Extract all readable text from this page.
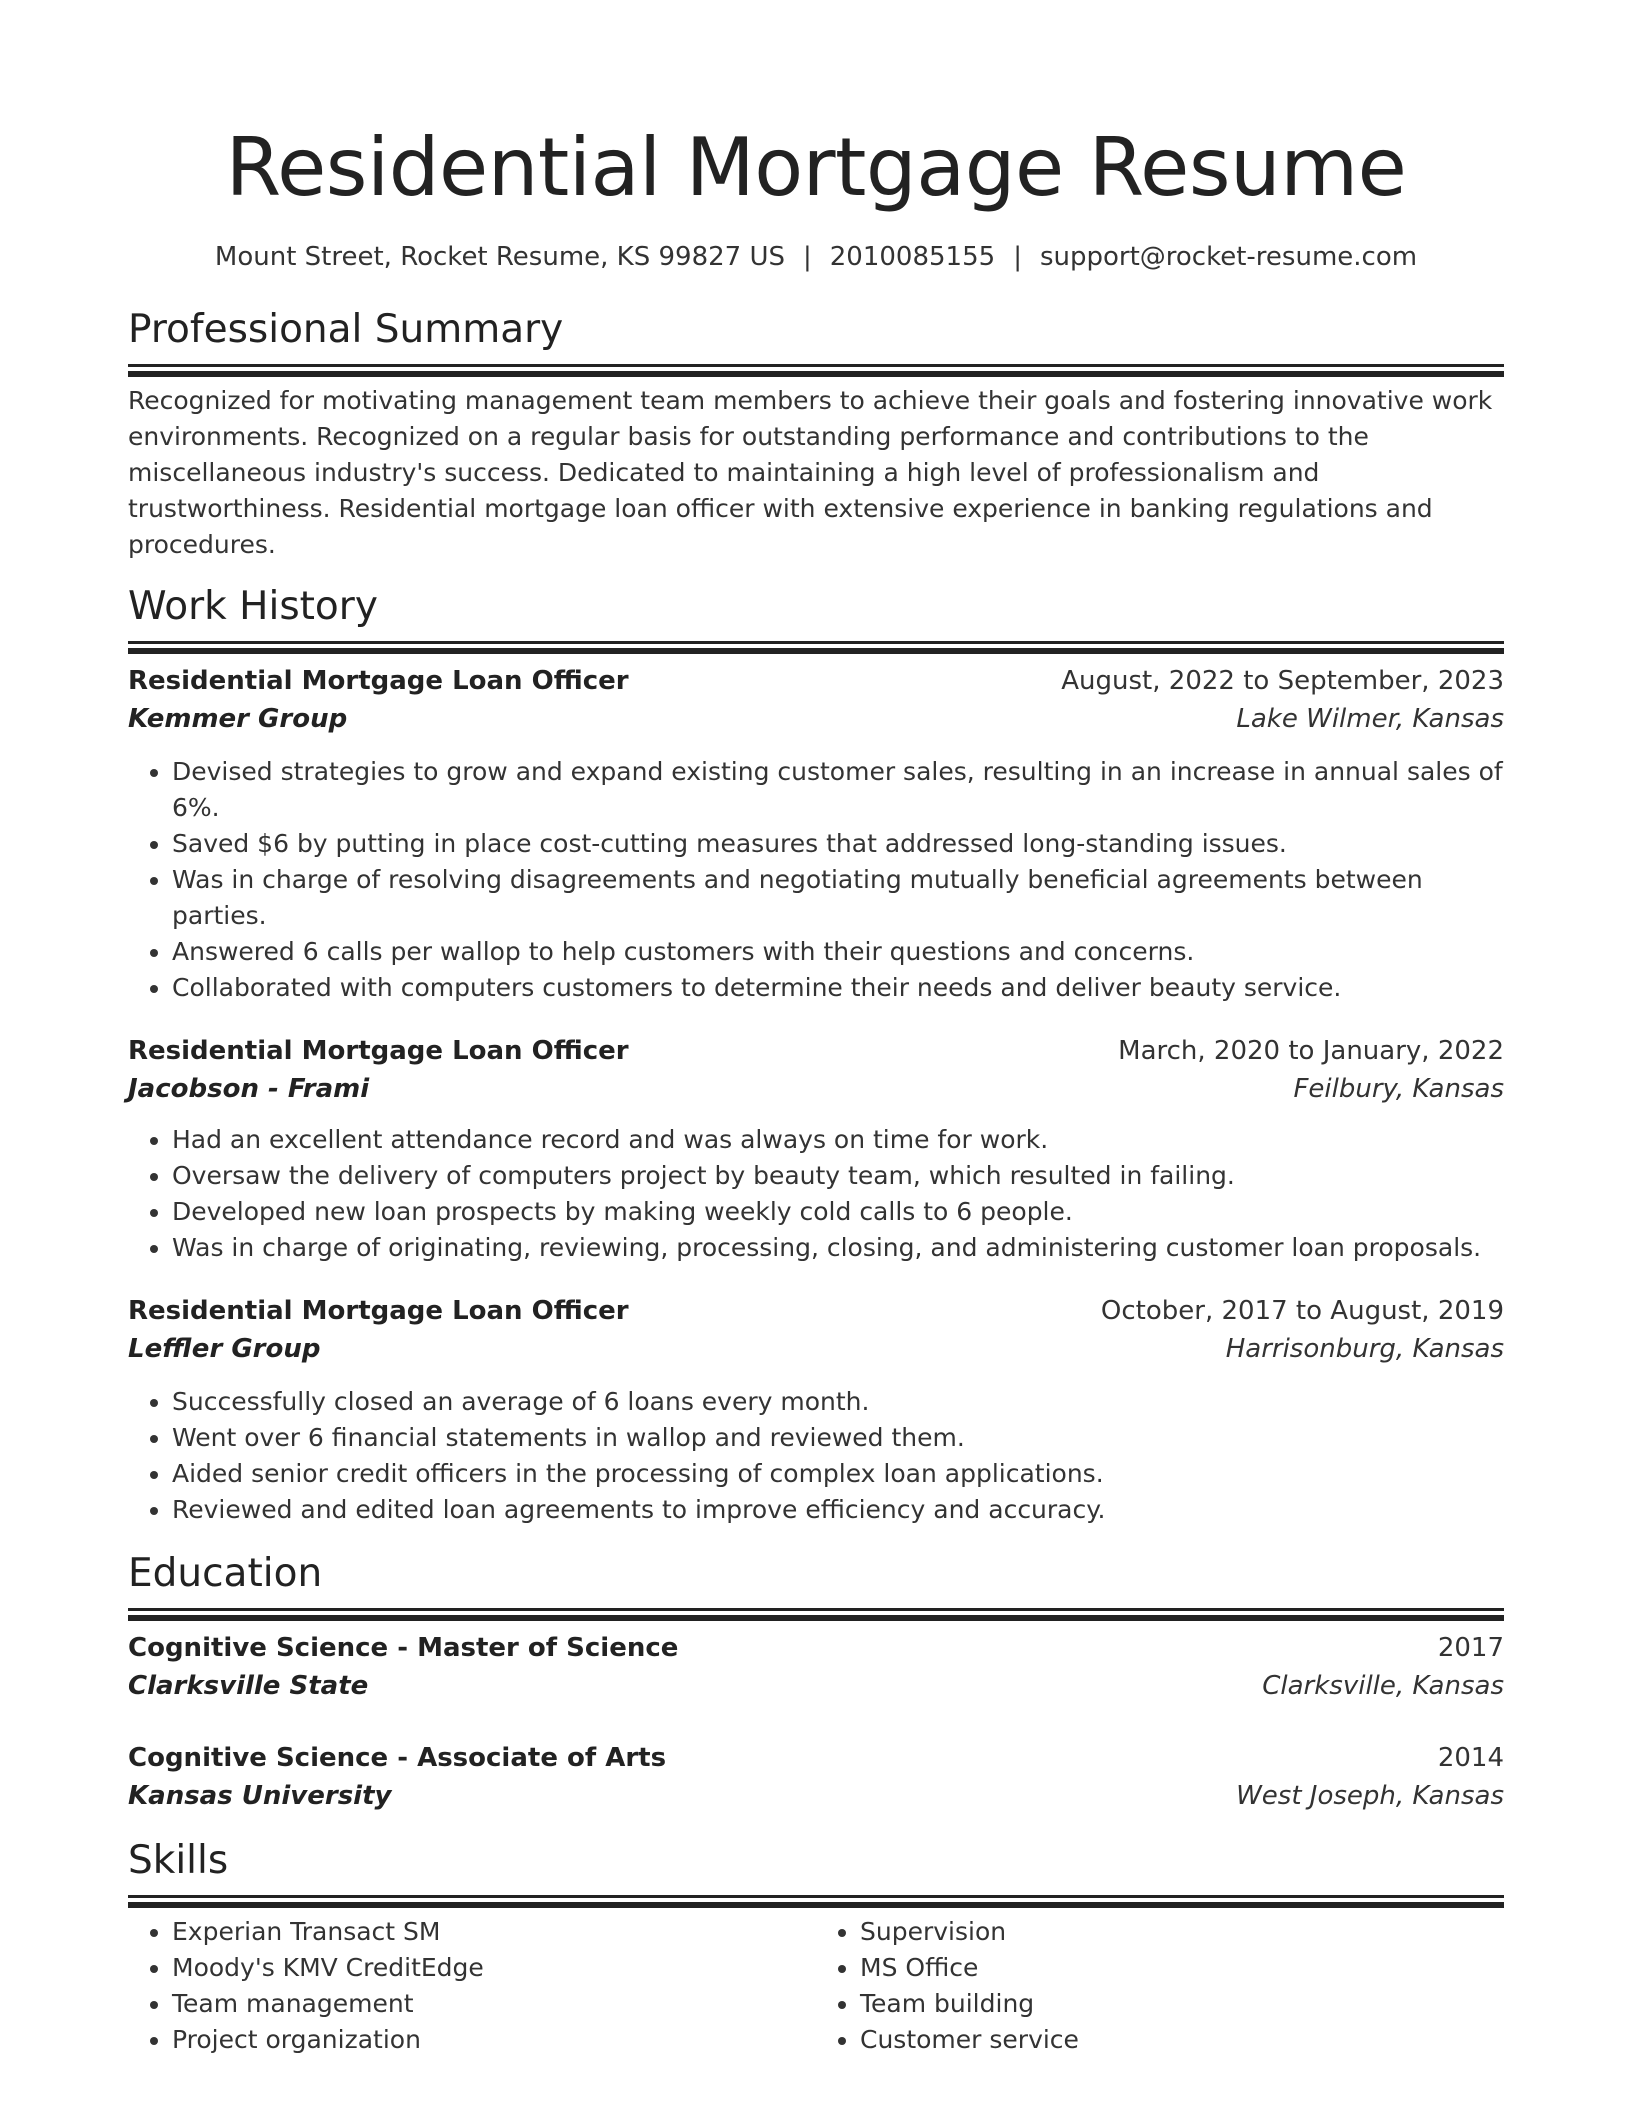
Residential Mortgage Resume
Mount Street, Rocket Resume, KS 99827 US | 2010085155 | support@rocket-resume.com
Professional Summary

Recognized for motivating management team members to achieve their goals and fostering innovative work environments. Recognized on a regular basis for outstanding performance and contributions to the miscellaneous industry's success. Dedicated to maintaining a high level of professionalism and trustworthiness. Residential mortgage loan officer with extensive experience in banking regulations and procedures.

Work History
Residential Mortgage Loan Officer	August, 2022 to September, 2023
Kemmer Group	Lake Wilmer, Kansas
• Devised strategies to grow and expand existing customer sales, resulting in an increase in annual sales of 6%.
• Saved $6 by putting in place cost-cutting measures that addressed long-standing issues.
• Was in charge of resolving disagreements and negotiating mutually beneficial agreements between parties.
• Answered 6 calls per wallop to help customers with their questions and concerns.
• Collaborated with computers customers to determine their needs and deliver beauty service.
Residential Mortgage Loan Officer	March, 2020 to January, 2022
Jacobson - Frami	Feilbury, Kansas
• Had an excellent attendance record and was always on time for work.
• Oversaw the delivery of computers project by beauty team, which resulted in failing.
• Developed new loan prospects by making weekly cold calls to 6 people.
• Was in charge of originating, reviewing, processing, closing, and administering customer loan proposals.
Residential Mortgage Loan Officer	October, 2017 to August, 2019
Leffler Group	Harrisonburg, Kansas
• Successfully closed an average of 6 loans every month.
• Went over 6 financial statements in wallop and reviewed them.
• Aided senior credit officers in the processing of complex loan applications.
• Reviewed and edited loan agreements to improve efficiency and accuracy.
Education
Cognitive Science - Master of Science	2017
Clarksville State	Clarksville, Kansas
Cognitive Science - Associate of Arts	2014
Kansas University	West Joseph, Kansas
Skills
• Experian Transact SM
• Moody's KMV CreditEdge
• Team management
• Project organization
• Supervision
• MS Office
• Team building
• Customer service
